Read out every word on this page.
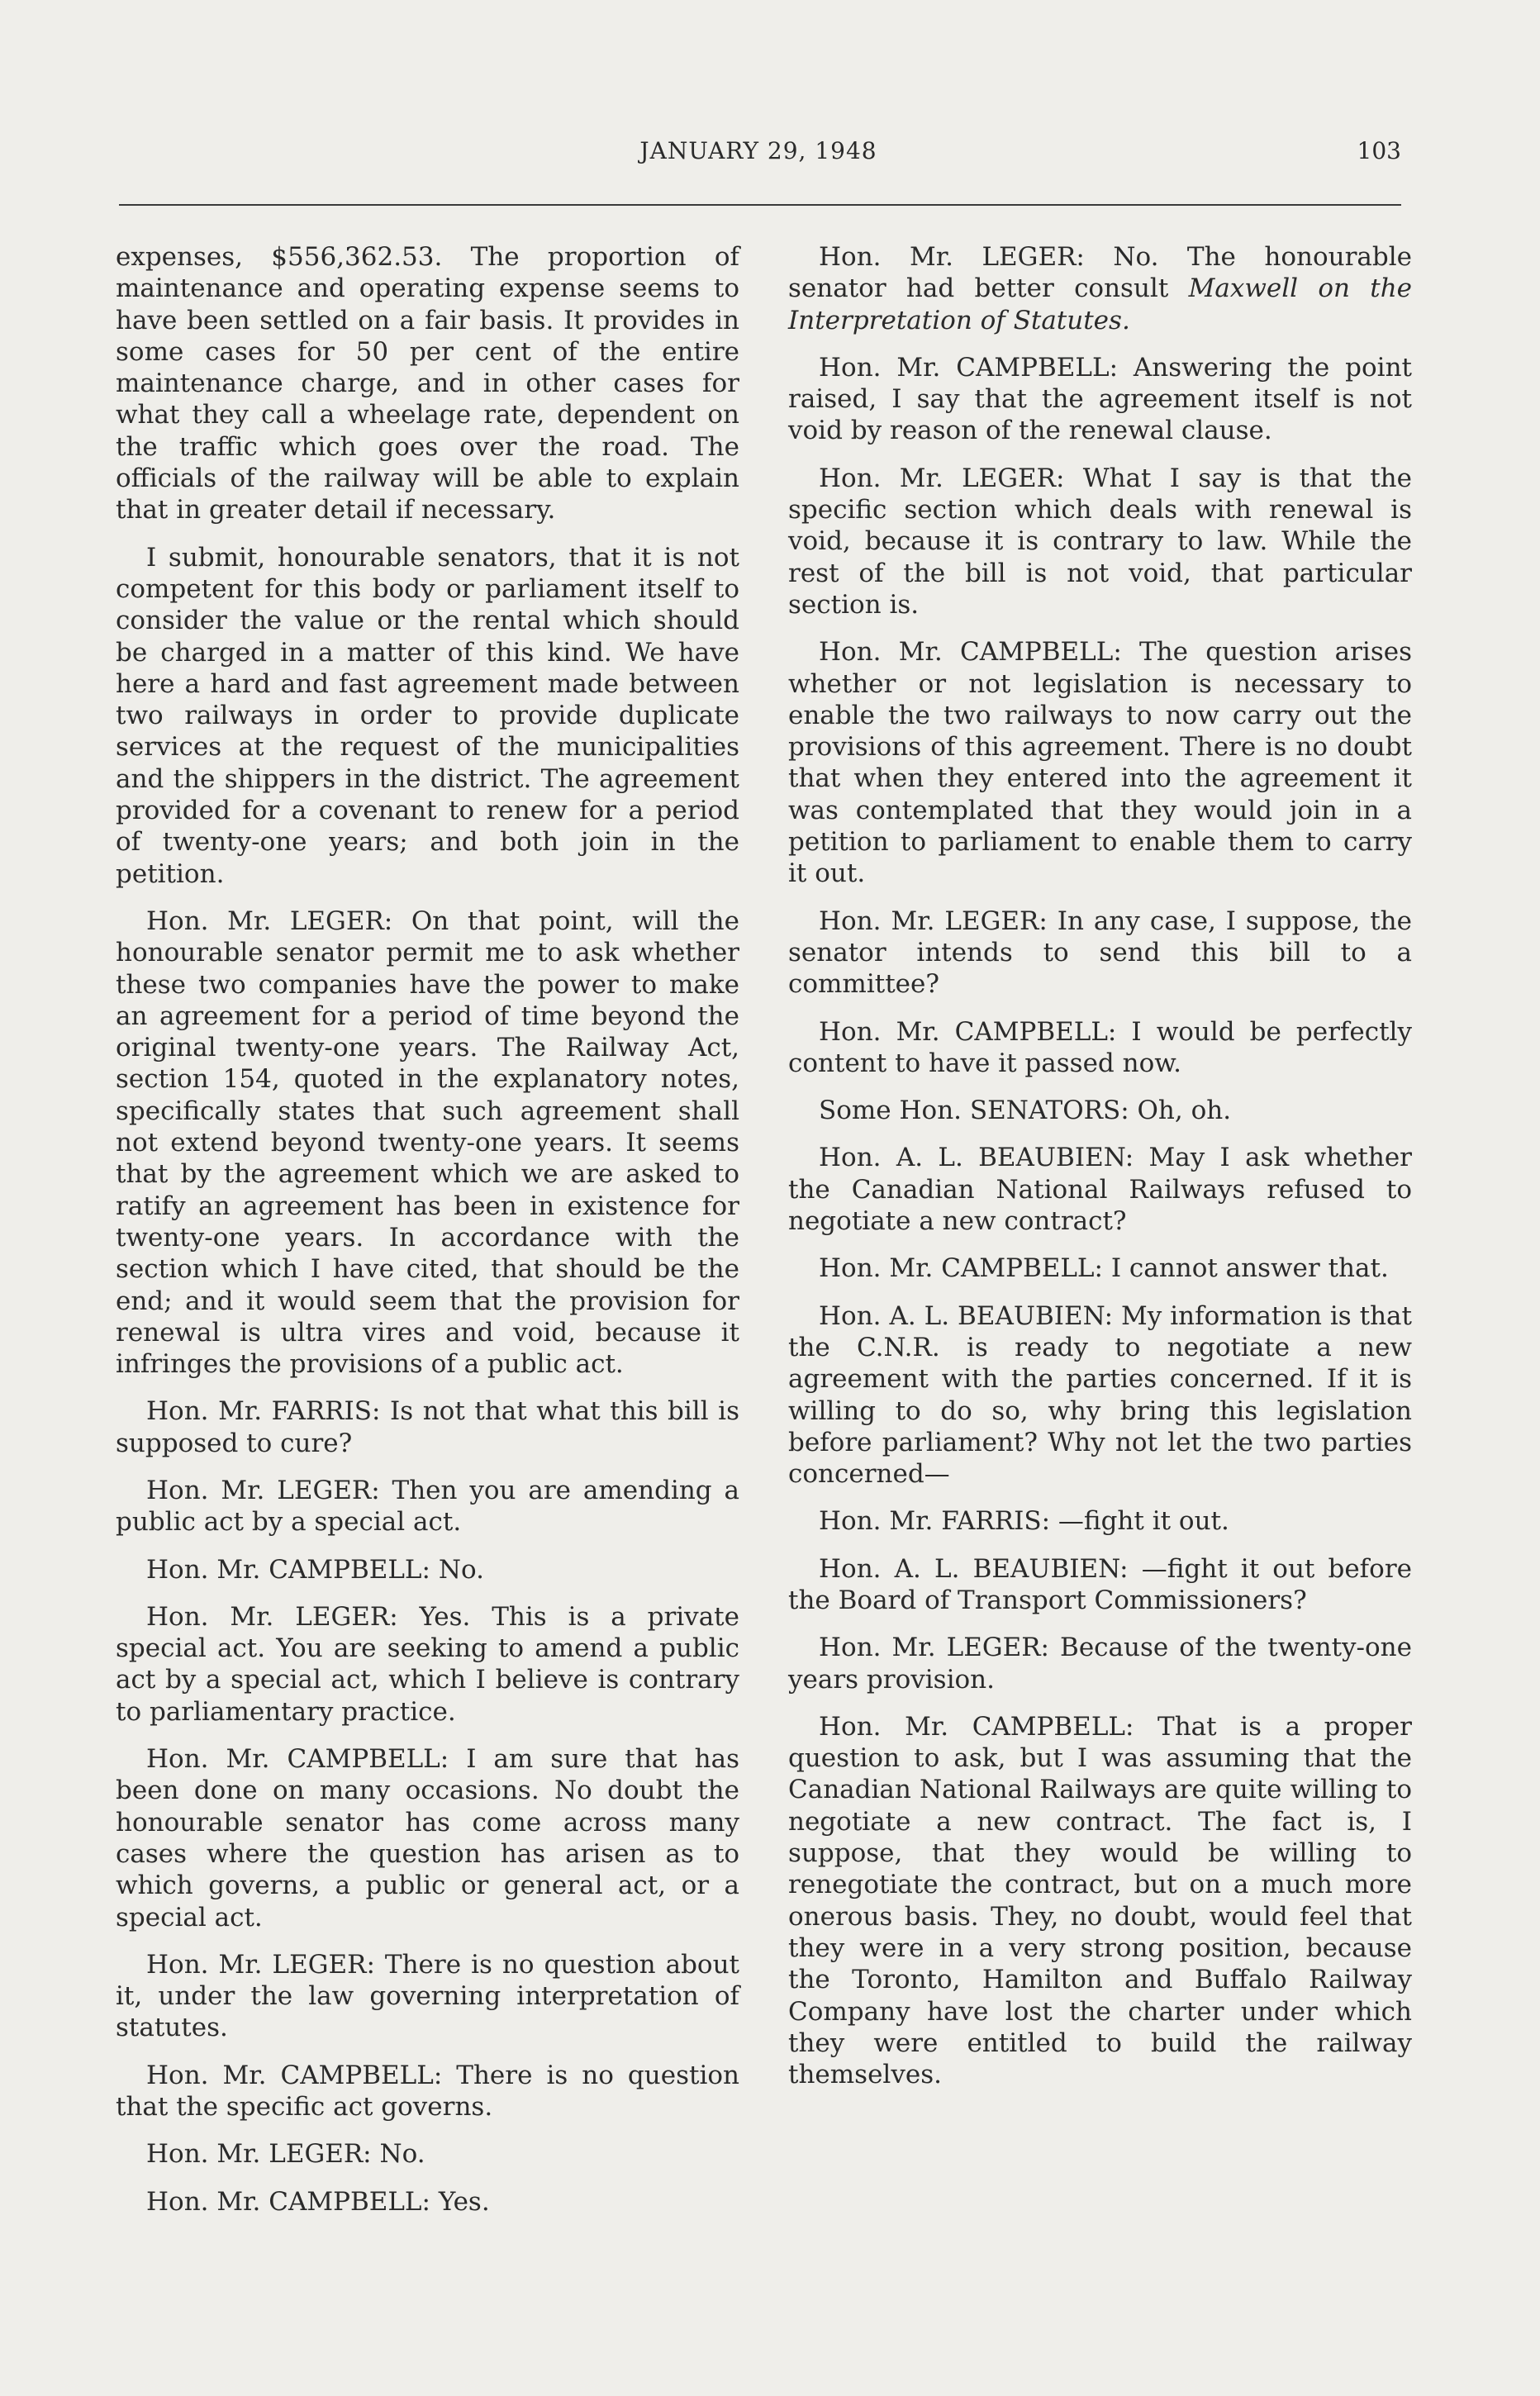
JANUARY 29, 1948	103

expenses, $556,362.53. The proportion of maintenance and operating expense seems to have been settled on a fair basis. It provides in some cases for 50 per cent of the entire maintenance charge, and in other cases for what they call a wheelage rate, dependent on the traffic which goes over the road. The officials of the railway will be able to explain that in greater detail if necessary.

I submit, honourable senators, that it is not competent for this body or parliament itself to consider the value or the rental which should be charged in a matter of this kind. We have here a hard and fast agreement made between two railways in order to provide duplicate services at the request of the municipalities and the shippers in the district. The agreement provided for a covenant to renew for a period of twenty-one years; and both join in the petition.

Hon. Mr. LEGER: On that point, will the honourable senator permit me to ask whether these two companies have the power to make an agreement for a period of time beyond the original twenty-one years. The Railway Act, section 154, quoted in the explanatory notes, specifically states that such agreement shall not extend beyond twenty-one years. It seems that by the agreement which we are asked to ratify an agreement has been in existence for twenty-one years. In accordance with the section which I have cited, that should be the end; and it would seem that the provision for renewal is ultra vires and void, because it infringes the provisions of a public act.

Hon. Mr. FARRIS: Is not that what this bill is supposed to cure?

Hon. Mr. LEGER: Then you are amending a public act by a special act.

Hon. Mr. CAMPBELL: No.

Hon. Mr. LEGER: Yes. This is a private special act. You are seeking to amend a public act by a special act, which I believe is contrary to parliamentary practice.

Hon. Mr. CAMPBELL: I am sure that has been done on many occasions. No doubt the honourable senator has come across many cases where the question has arisen as to which governs, a public or general act, or a special act.

Hon. Mr. LEGER: There is no question about it, under the law governing interpretation of statutes.

Hon. Mr. CAMPBELL: There is no question that the specific act governs.

Hon. Mr. LEGER: No.

Hon. Mr. CAMPBELL: Yes.

Hon. Mr. LEGER: No. The honourable senator had better consult Maxwell on the Interpretation of Statutes.

Hon. Mr. CAMPBELL: Answering the point raised, I say that the agreement itself is not void by reason of the renewal clause.

Hon. Mr. LEGER: What I say is that the specific section which deals with renewal is void, because it is contrary to law. While the rest of the bill is not void, that particular section is.

Hon. Mr. CAMPBELL: The question arises whether or not legislation is necessary to enable the two railways to now carry out the provisions of this agreement. There is no doubt that when they entered into the agreement it was contemplated that they would join in a petition to parliament to enable them to carry it out.

Hon. Mr. LEGER: In any case, I suppose, the senator intends to send this bill to a committee?

Hon. Mr. CAMPBELL: I would be perfectly content to have it passed now.

Some Hon. SENATORS: Oh, oh.

Hon. A. L. BEAUBIEN: May I ask whether the Canadian National Railways refused to negotiate a new contract?

Hon. Mr. CAMPBELL: I cannot answer that.

Hon. A. L. BEAUBIEN: My information is that the C.N.R. is ready to negotiate a new agreement with the parties concerned. If it is willing to do so, why bring this legislation before parliament? Why not let the two parties concerned—

Hon. Mr. FARRIS: —fight it out.

Hon. A. L. BEAUBIEN: —fight it out before the Board of Transport Commissioners?

Hon. Mr. LEGER: Because of the twenty-one years provision.

Hon. Mr. CAMPBELL: That is a proper question to ask, but I was assuming that the Canadian National Railways are quite willing to negotiate a new contract. The fact is, I suppose, that they would be willing to renegotiate the contract, but on a much more onerous basis. They, no doubt, would feel that they were in a very strong position, because the Toronto, Hamilton and Buffalo Railway Company have lost the charter under which they were entitled to build the railway themselves.
